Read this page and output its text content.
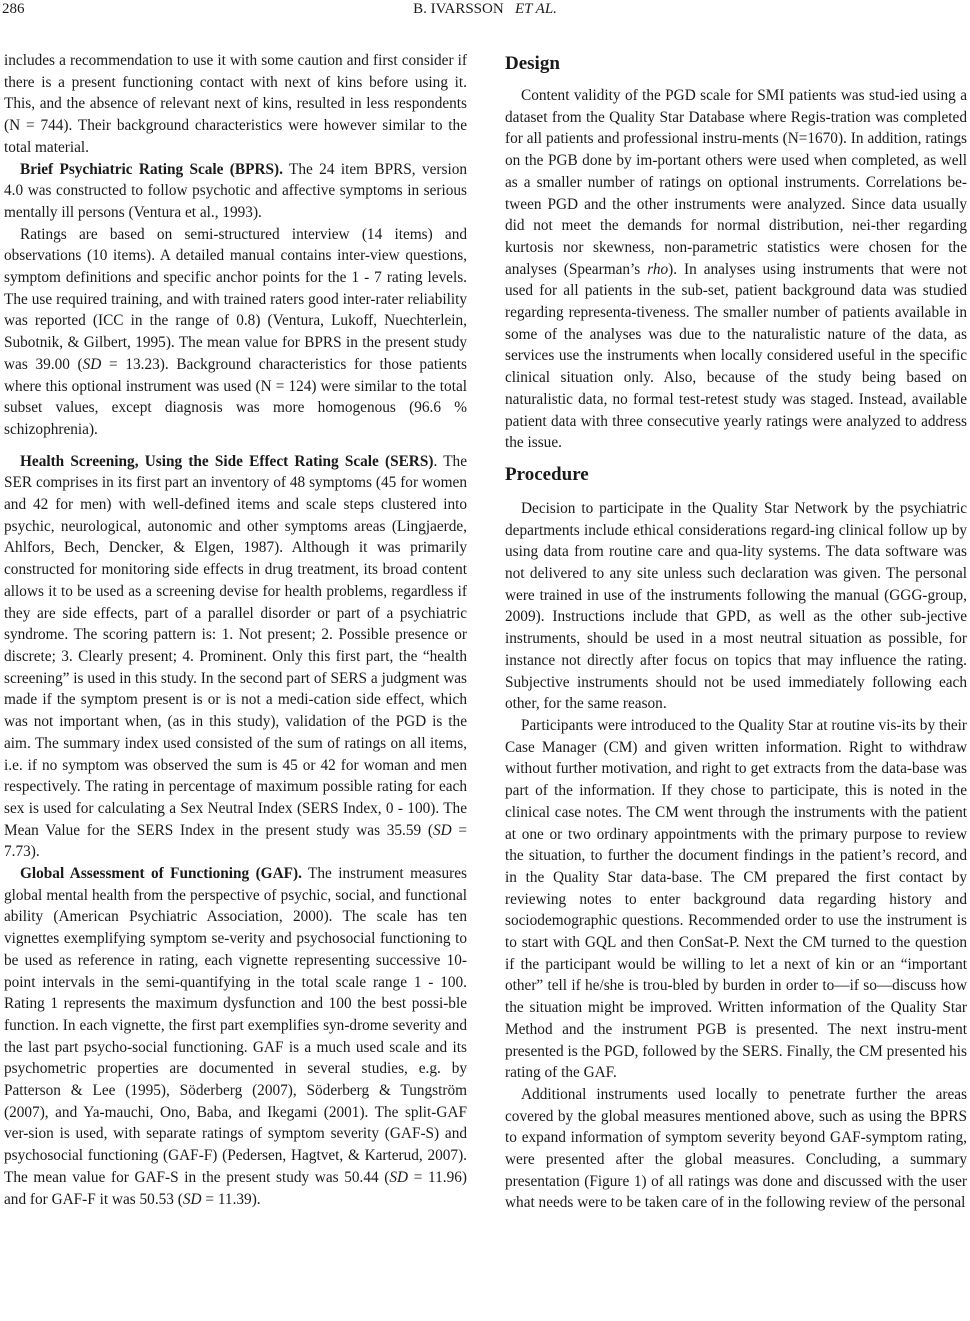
286	B. IVARSSON ET AL.

includes a recommendation to use it with some caution and first consider if there is a present functioning contact with next of kins before using it. This, and the absence of relevant next of kins, resulted in less respondents (N = 744). Their background characteristics were however similar to the total material.

Brief Psychiatric Rating Scale (BPRS). The 24 item BPRS, version 4.0 was constructed to follow psychotic and affective symptoms in serious mentally ill persons (Ventura et al., 1993).

Ratings are based on semi-structured interview (14 items) and observations (10 items). A detailed manual contains inter-view questions, symptom definitions and specific anchor points for the 1 - 7 rating levels. The use required training, and with trained raters good inter-rater reliability was reported (ICC in the range of 0.8) (Ventura, Lukoff, Nuechterlein, Subotnik, & Gilbert, 1995). The mean value for BPRS in the present study was 39.00 (SD = 13.23). Background characteristics for those patients where this optional instrument was used (N = 124) were similar to the total subset values, except diagnosis was more homogenous (96.6 % schizophrenia).

Health Screening, Using the Side Effect Rating Scale (SERS). The SER comprises in its first part an inventory of 48 symptoms (45 for women and 42 for men) with well-defined items and scale steps clustered into psychic, neurological, autonomic and other symptoms areas (Lingjaerde, Ahlfors, Bech, Dencker, & Elgen, 1987). Although it was primarily constructed for monitoring side effects in drug treatment, its broad content allows it to be used as a screening devise for health problems, regardless if they are side effects, part of a parallel disorder or part of a psychiatric syndrome. The scoring pattern is: 1. Not present; 2. Possible presence or discrete; 3. Clearly present; 4. Prominent. Only this first part, the “health screening” is used in this study. In the second part of SERS a judgment was made if the symptom present is or is not a medi-cation side effect, which was not important when, (as in this study), validation of the PGD is the aim. The summary index used consisted of the sum of ratings on all items, i.e. if no symptom was observed the sum is 45 or 42 for woman and men respectively. The rating in percentage of maximum possible rating for each sex is used for calculating a Sex Neutral Index (SERS Index, 0 - 100). The Mean Value for the SERS Index in the present study was 35.59 (SD = 7.73).

Global Assessment of Functioning (GAF). The instrument measures global mental health from the perspective of psychic, social, and functional ability (American Psychiatric Association, 2000). The scale has ten vignettes exemplifying symptom se-verity and psychosocial functioning to be used as reference in rating, each vignette representing successive 10-point intervals in the semi-quantifying in the total scale range 1 - 100. Rating 1 represents the maximum dysfunction and 100 the best possi-ble function. In each vignette, the first part exemplifies syn-drome severity and the last part psycho-social functioning. GAF is a much used scale and its psychometric properties are documented in several studies, e.g. by Patterson & Lee (1995), Söderberg (2007), Söderberg & Tungström (2007), and Ya-mauchi, Ono, Baba, and Ikegami (2001). The split-GAF ver-sion is used, with separate ratings of symptom severity (GAF-S) and psychosocial functioning (GAF-F) (Pedersen, Hagtvet, & Karterud, 2007). The mean value for GAF-S in the present study was 50.44 (SD = 11.96) and for GAF-F it was 50.53 (SD = 11.39).

Design

Content validity of the PGD scale for SMI patients was stud-ied using a dataset from the Quality Star Database where Regis-tration was completed for all patients and professional instru-ments (N=1670). In addition, ratings on the PGB done by im-portant others were used when completed, as well as a smaller number of ratings on optional instruments. Correlations be-tween PGD and the other instruments were analyzed. Since data usually did not meet the demands for normal distribution, nei-ther regarding kurtosis nor skewness, non-parametric statistics were chosen for the analyses (Spearman’s rho). In analyses using instruments that were not used for all patients in the sub-set, patient background data was studied regarding representa-tiveness. The smaller number of patients available in some of the analyses was due to the naturalistic nature of the data, as services use the instruments when locally considered useful in the specific clinical situation only. Also, because of the study being based on naturalistic data, no formal test-retest study was staged. Instead, available patient data with three consecutive yearly ratings were analyzed to address the issue.

Procedure

Decision to participate in the Quality Star Network by the psychiatric departments include ethical considerations regard-ing clinical follow up by using data from routine care and qua-lity systems. The data software was not delivered to any site unless such declaration was given. The personal were trained in use of the instruments following the manual (GGG-group, 2009). Instructions include that GPD, as well as the other sub-jective instruments, should be used in a most neutral situation as possible, for instance not directly after focus on topics that may influence the rating. Subjective instruments should not be used immediately following each other, for the same reason.

Participants were introduced to the Quality Star at routine vis-its by their Case Manager (CM) and given written information. Right to withdraw without further motivation, and right to get extracts from the data-base was part of the information. If they chose to participate, this is noted in the clinical case notes. The CM went through the instruments with the patient at one or two ordinary appointments with the primary purpose to review the situation, to further the document findings in the patient’s record, and in the Quality Star data-base. The CM prepared the first contact by reviewing notes to enter background data regarding history and sociodemographic questions. Recommended order to use the instrument is to start with GQL and then ConSat-P. Next the CM turned to the question if the participant would be willing to let a next of kin or an “important other” tell if he/she is trou-bled by burden in order to—if so—discuss how the situation might be improved. Written information of the Quality Star Method and the instrument PGB is presented. The next instru-ment presented is the PGD, followed by the SERS. Finally, the CM presented his rating of the GAF.

Additional instruments used locally to penetrate further the areas covered by the global measures mentioned above, such as using the BPRS to expand information of symptom severity beyond GAF-symptom rating, were presented after the global measures. Concluding, a summary presentation (Figure 1) of all ratings was done and discussed with the user what needs were to be taken care of in the following review of the personal
